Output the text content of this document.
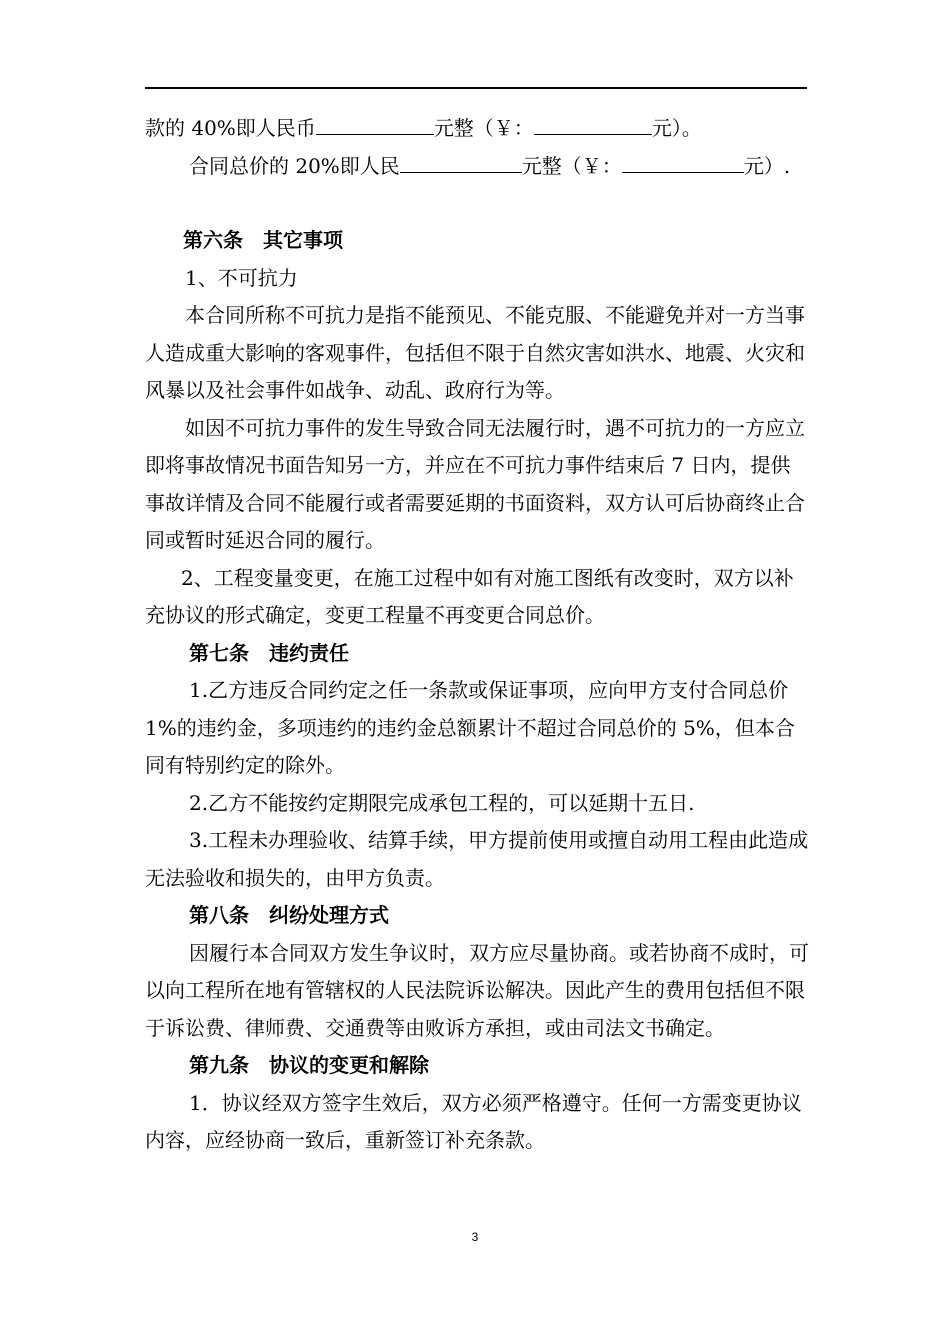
款的 40%即人民币	元整（￥：	元）。

合同总价的 20%即人民	元整（￥：	元）.

第六条　其它事项

1、不可抗力

本合同所称不可抗力是指不能预见、不能克服、不能避免并对一方当事人造成重大影响的客观事件，包括但不限于自然灾害如洪水、地震、火灾和风暴以及社会事件如战争、动乱、政府行为等。

如因不可抗力事件的发生导致合同无法履行时，遇不可抗力的一方应立即将事故情况书面告知另一方，并应在不可抗力事件结束后 7 日内，提供事故详情及合同不能履行或者需要延期的书面资料，双方认可后协商终止合同或暂时延迟合同的履行。

2、工程变量变更，在施工过程中如有对施工图纸有改变时，双方以补充协议的形式确定，变更工程量不再变更合同总价。

第七条　违约责任

1.乙方违反合同约定之任一条款或保证事项，应向甲方支付合同总价 1%的违约金，多项违约的违约金总额累计不超过合同总价的 5%，但本合同有特别约定的除外。

2.乙方不能按约定期限完成承包工程的，可以延期十五日.

3.工程未办理验收、结算手续，甲方提前使用或擅自动用工程由此造成无法验收和损失的，由甲方负责。

第八条　纠纷处理方式

因履行本合同双方发生争议时，双方应尽量协商。或若协商不成时，可以向工程所在地有管辖权的人民法院诉讼解决。因此产生的费用包括但不限于诉讼费、律师费、交通费等由败诉方承担，或由司法文书确定。

第九条　协议的变更和解除

1．协议经双方签字生效后，双方必须严格遵守。任何一方需变更协议内容，应经协商一致后，重新签订补充条款。

3
